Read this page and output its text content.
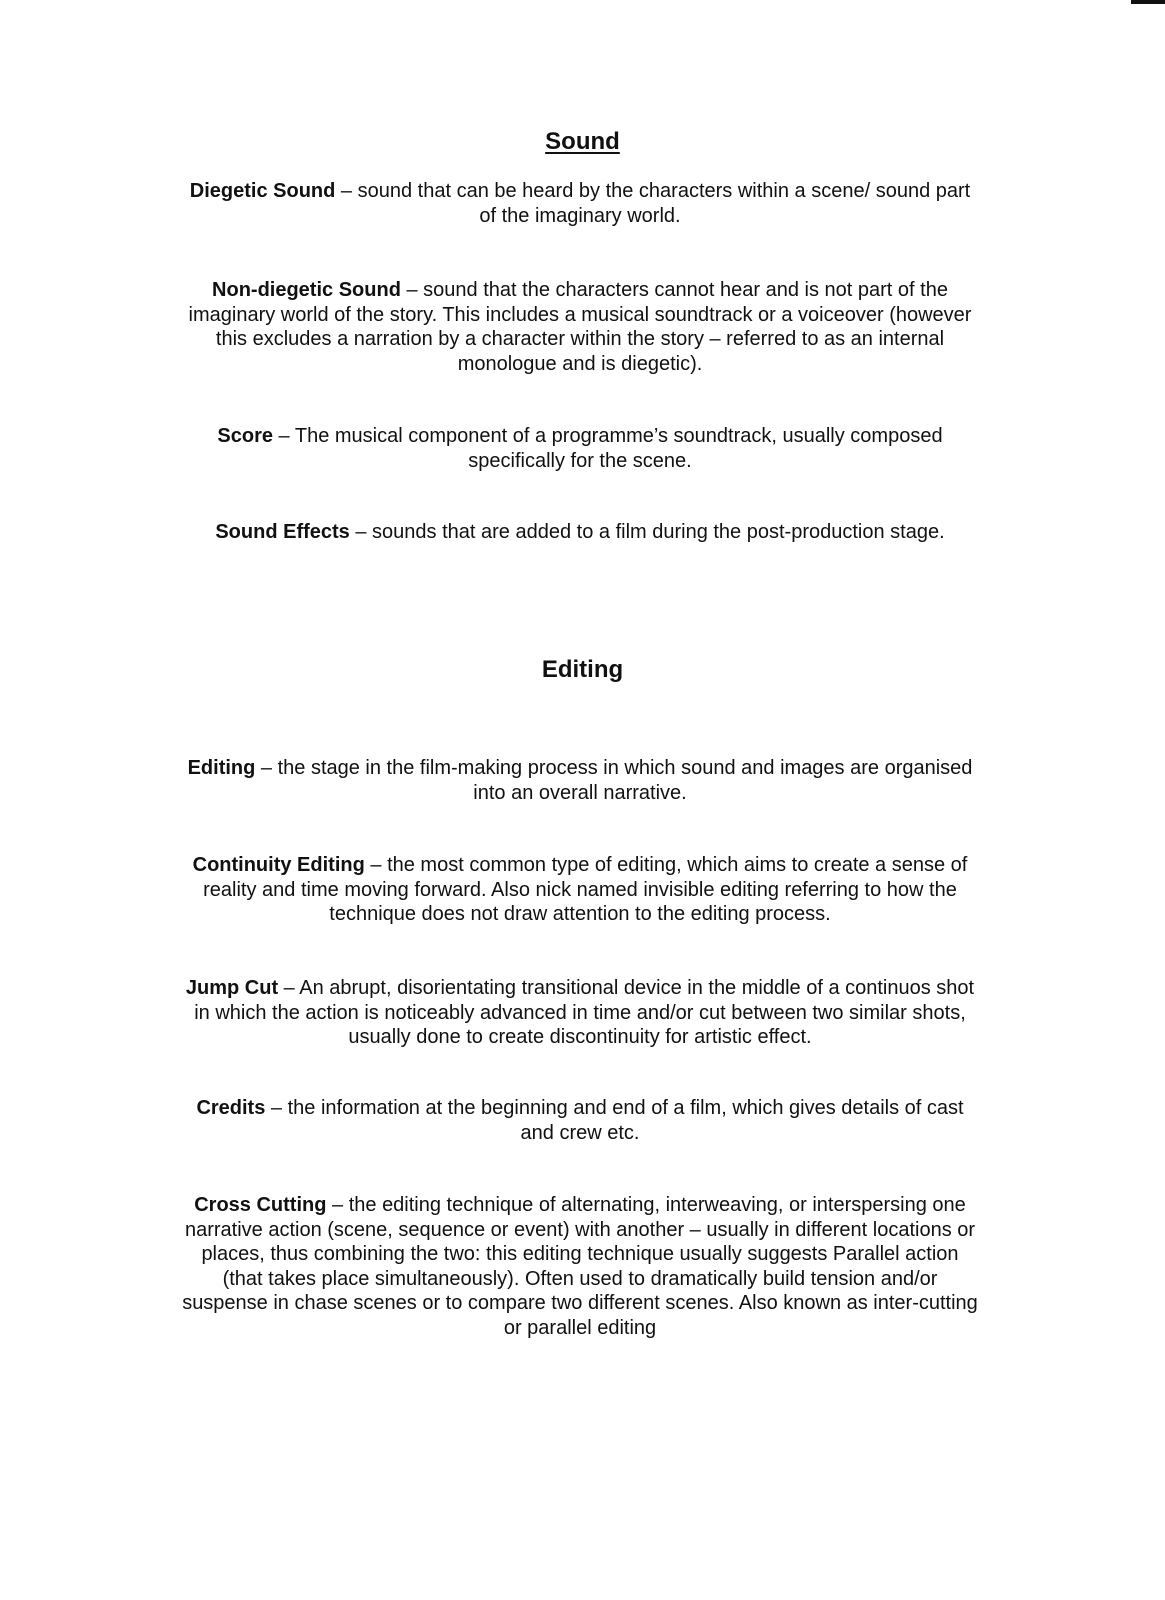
Sound

Diegetic Sound – sound that can be heard by the characters within a scene/ sound part of the imaginary world.

Non-diegetic Sound – sound that the characters cannot hear and is not part of the imaginary world of the story. This includes a musical soundtrack or a voiceover (however this excludes a narration by a character within the story – referred to as an internal monologue and is diegetic).

Score – The musical component of a programme’s soundtrack, usually composed specifically for the scene.

Sound Effects – sounds that are added to a film during the post-production stage.

Editing

Editing – the stage in the film-making process in which sound and images are organised into an overall narrative.

Continuity Editing – the most common type of editing, which aims to create a sense of reality and time moving forward. Also nick named invisible editing referring to how the technique does not draw attention to the editing process.

Jump Cut – An abrupt, disorientating transitional device in the middle of a continuos shot in which the action is noticeably advanced in time and/or cut between two similar shots, usually done to create discontinuity for artistic effect.

Credits – the information at the beginning and end of a film, which gives details of cast and crew etc.

Cross Cutting – the editing technique of alternating, interweaving, or interspersing one narrative action (scene, sequence or event) with another – usually in different locations or places, thus combining the two: this editing technique usually suggests Parallel action (that takes place simultaneously). Often used to dramatically build tension and/or suspense in chase scenes or to compare two different scenes. Also known as inter-cutting or parallel editing
